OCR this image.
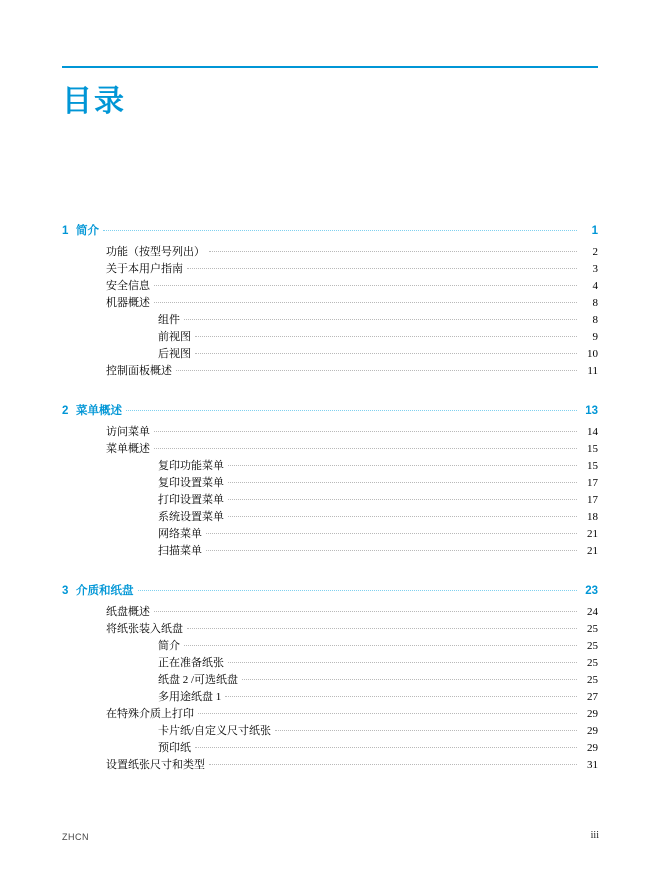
目录
1 简介	1
功能（按型号列出）	2
关于本用户指南	3
安全信息	4
机器概述	8
组件	8
前视图	9
后视图	10
控制面板概述	11
2 菜单概述	13
访问菜单	14
菜单概述	15
复印功能菜单	15
复印设置菜单	17
打印设置菜单	17
系统设置菜单	18
网络菜单	21
扫描菜单	21
3 介质和纸盘	23
纸盘概述	24
将纸张装入纸盘	25
简介	25
正在准备纸张	25
纸盘 2 /可选纸盘	25
多用途纸盘 1	27
在特殊介质上打印	29
卡片纸/自定义尺寸纸张	29
预印纸	29
设置纸张尺寸和类型	31
ZHCN	iii
